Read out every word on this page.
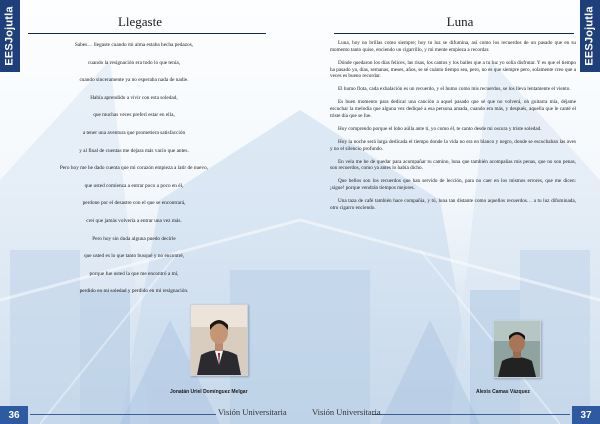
EESJojutla	Llegaste

Sabes… llegaste cuando mi alma estaba hecha pedazos,

cuando la resignación era todo lo que tenía,

cuando sinceramente ya no esperaba nada de nadie.

Había aprendido a vivir con esta soledad,

que muchas veces preferí estar en ella,

a tener una aventura que prometiera satisfacción

y al final de cuentas me dejara más vacío que antes.

Pero hoy me he dado cuenta que mi corazón empieza a latir de nuevo,

que usted comienza a entrar poco a poco en él,

perdone por el desastre con el que se encontrará,

creí que jamás volvería a entrar una vez más.

Pero hoy sin duda alguna puedo decirle

que usted es lo que tanto busqué y no encontré,

porque fue usted la que me encontró a mí,

perdido en mi soledad y perdido en mi resignación.

Jonatán Uriel Domínguez Melgar
36	Visión Universitaria
EESJojutla
Luna

Luna, hoy no brillas como siempre; hoy tu luz se difumina, así como los recuerdos de un pasado que en su momento tanto quise, enciendo un cigarrillo, y mi mente empieza a recordar.

Dónde quedaron los días felices, las risas, los cantos y los bailes que a tu luz yo solía disfrutar. Y es que el tiempo ha pasado ya, días, semanas, meses, años, se sé cuánto tiempo sea, pero, no es que siempre pero, solamente creo que a veces es bueno recordar.

El humo flota, cada exhalación es un recuerdo, y el humo como mis recuerdos, se los lleva lentamente el viento.

Es buen momento para dedicar una canción a aquel pasado que sé que no volverá, oh guitarra mía, déjame escuchar la melodía que alguna vez dediqué a esa persona amada, cuando era más, y después, aquella que le canté el triste día que se fue.

Hoy comprendo porque el lobo aúlla ante ti, yo como él, te canto desde mi oscura y triste soledad.

Hoy la noche será larga dedicada el tiempo donde la vida no era en blanco y negro, donde se escuchaban las aves y no el silencio profundo.

En vela me he de quedar para acompañar tu camino, luna que también acompañas mis penas, que no son penas, son recuerdos, como ya antes lo había dicho.

Que bellos son los recuerdos que han servido de lección, para no caer en los mismos errores, que me dicen: ¡sigue! porque vendrán tiempos mejores.

Una taza de café también hace compañía, y tú, luna tan distante como aquellos recuerdos… a tu luz difuminada, otro cigarro enciendo.

Alexis Camas Vázquez
37
Visión Universitaria
